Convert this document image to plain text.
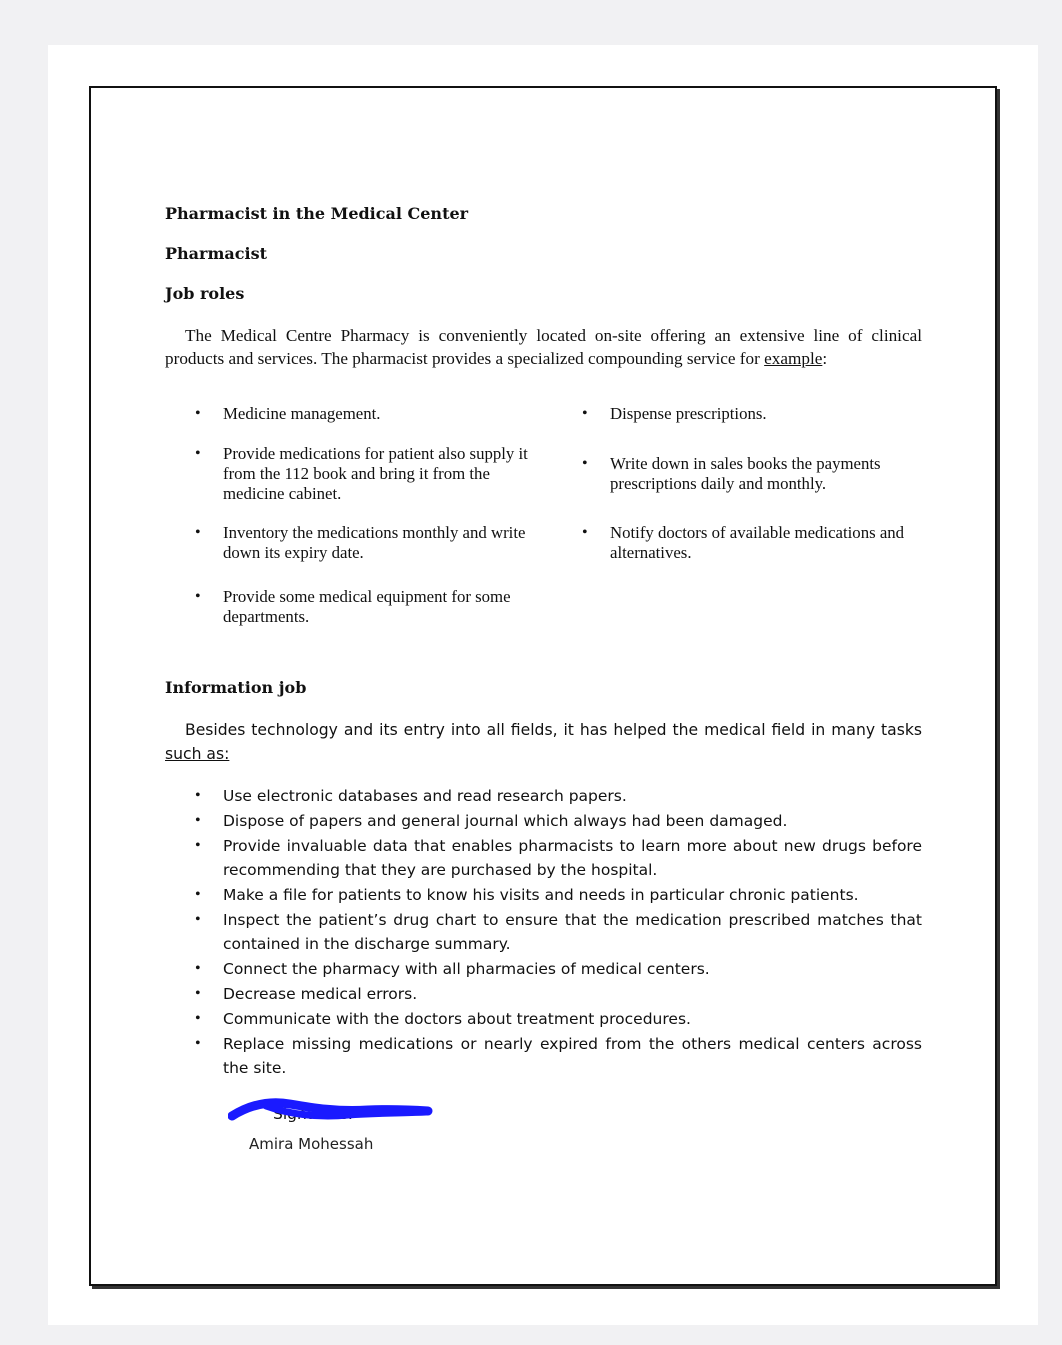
Pharmacist in the Medical Center
Pharmacist
Job roles
The Medical Centre Pharmacy is conveniently located on-site offering an extensive line of clinical products and services. The pharmacist provides a specialized compounding service for example:
• Medicine management.
• Provide medications for patient also supply it from the 112 book and bring it from the medicine cabinet.
• Inventory the medications monthly and write down its expiry date.
• Provide some medical equipment for some departments.
• Dispense prescriptions.
• Write down in sales books the payments prescriptions daily and monthly.
• Notify doctors of available medications and alternatives.
Information job
Besides technology and its entry into all fields, it has helped the medical field in many tasks such as:
• Use electronic databases and read research papers.
• Dispose of papers and general journal which always had been damaged.
• Provide invaluable data that enables pharmacists to learn more about new drugs before recommending that they are purchased by the hospital.
• Make a file for patients to know his visits and needs in particular chronic patients.
• Inspect the patient’s drug chart to ensure that the medication prescribed matches that contained in the discharge summary.
• Connect the pharmacy with all pharmacies of medical centers.
• Decrease medical errors.
• Communicate with the doctors about treatment procedures.
• Replace missing medications or nearly expired from the others medical centers across the site.
Signature:
Amira Mohessah
